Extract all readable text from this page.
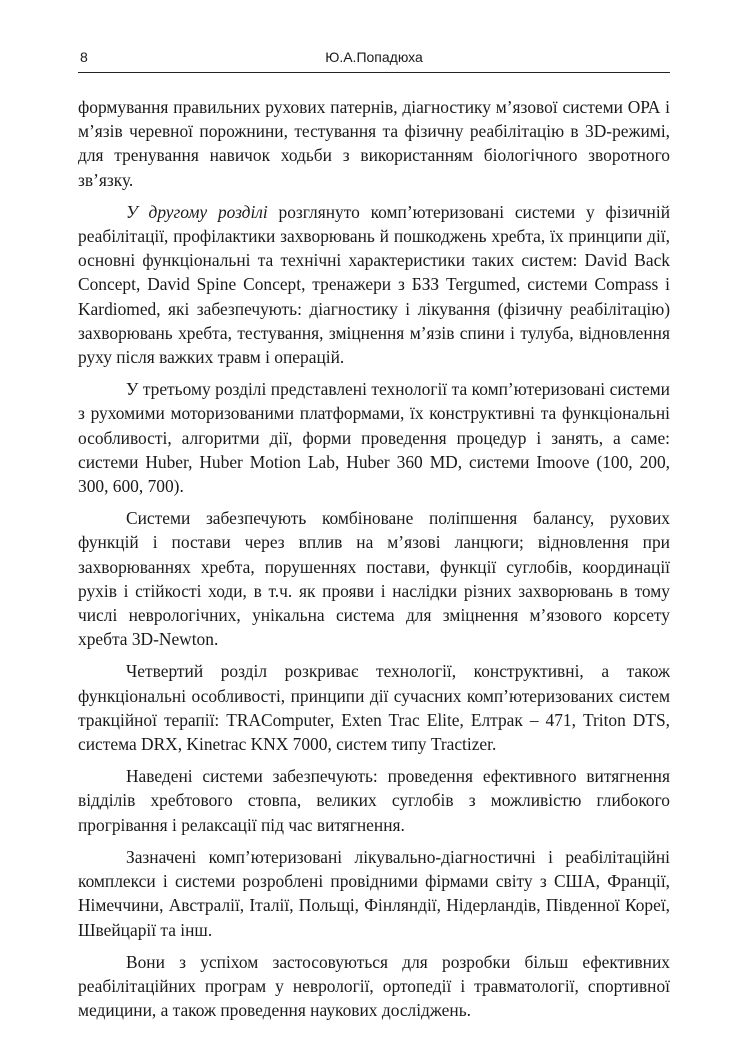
8	Ю.А.Попадюха

формування правильних рухових патернів, діагностику м’язової системи ОРА і м’язів черевної порожнини, тестування та фізичну реабілітацію в 3D-режимі, для тренування навичок ходьби з використанням біологічного зворотного зв’язку.

У другому розділі розглянуто комп’ютеризовані системи у фізичній реабілітації, профілактики захворювань й пошкоджень хребта, їх принципи дії, основні функціональні та технічні характеристики таких систем: David Back Concept, David Spine Concept, тренажери з БЗЗ Tergumed, системи Compass і Kardiomed, які забезпечують: діагностику і лікування (фізичну реабілітацію) захворювань хребта, тестування, зміцнення м’язів спини і тулуба, відновлення руху після важких травм і операцій.

У третьому розділі представлені технології та комп’ютеризовані системи з рухомими моторизованими платформами, їх конструктивні та функціональні особливості, алгоритми дії, форми проведення процедур і занять, а саме: системи Huber, Huber Motion Lab, Huber 360 MD, системи Imoove (100, 200, 300, 600, 700).

Системи забезпечують комбіноване поліпшення балансу, рухових функцій і постави через вплив на м’язові ланцюги; відновлення при захворюваннях хребта, порушеннях постави, функції суглобів, координації рухів і стійкості ходи, в т.ч. як прояви і наслідки різних захворювань в тому числі неврологічних, унікальна система для зміцнення м’язового корсету хребта 3D-Newton.

Четвертий розділ розкриває технології, конструктивні, а також функціональні особливості, принципи дії сучасних комп’ютеризованих систем тракційної терапії: TRAComputer, Exten Trac Elite, Елтрак – 471, Triton DTS, система DRX, Kinetrac KNX 7000, систем типу Tractizer.

Наведені системи забезпечують: проведення ефективного витягнення відділів хребтового стовпа, великих суглобів з можливістю глибокого прогрівання і релаксації під час витягнення.

Зазначені комп’ютеризовані лікувально-діагностичні і реабілітаційні комплекси і системи розроблені провідними фірмами світу з США, Франції, Німеччини, Австралії, Італії, Польщі, Фінляндії, Нідерландів, Південної Кореї, Швейцарії та інш.

Вони з успіхом застосовуються для розробки більш ефективних реабілітаційних програм у неврології, ортопедії і травматології, спортивної медицини, а також проведення наукових досліджень.
